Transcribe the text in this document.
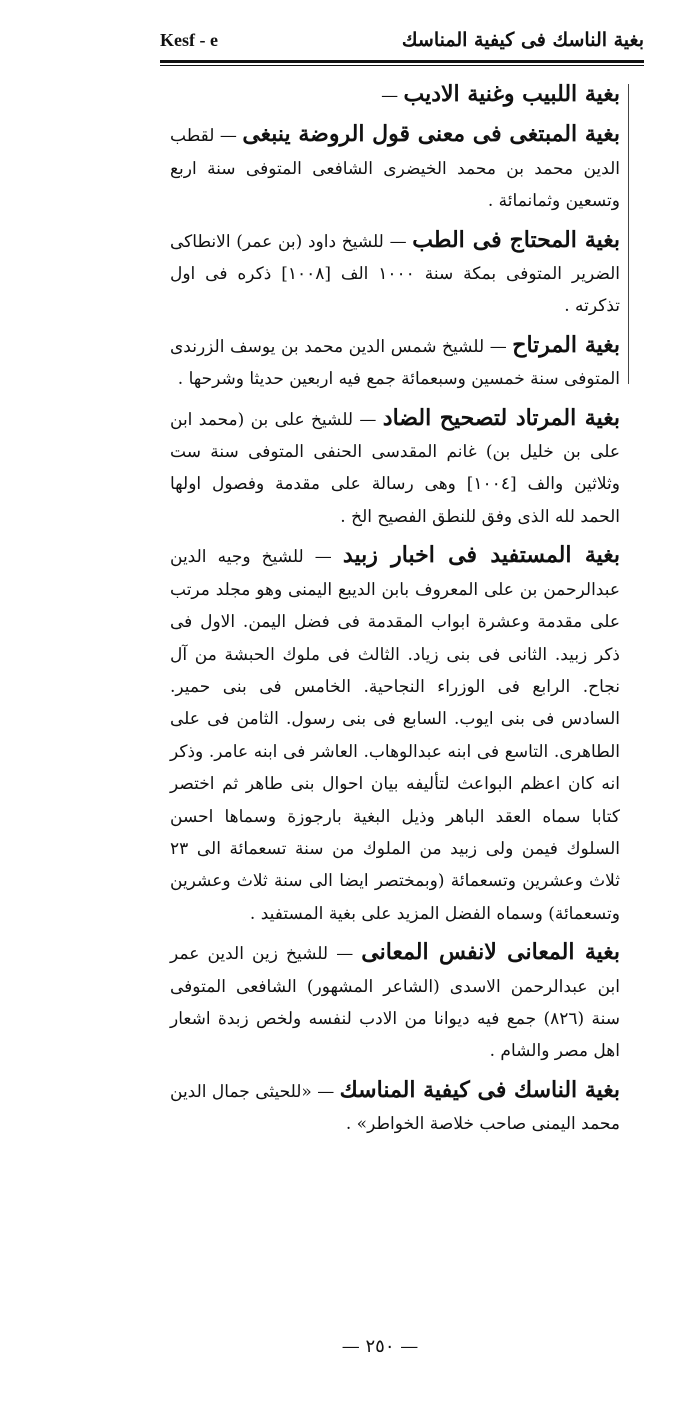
Kesf - e	بغية الناسك فى كيفية المناسك

بغية اللبيب وغنية الاديب —

بغية المبتغى فى معنى قول الروضة ينبغى — لقطب الدين محمد بن محمد الخيضرى الشافعى المتوفى سنة اربع وتسعين وثمانمائة .

بغية المحتاج فى الطب — للشيخ داود (بن عمر) الانطاكى الضرير المتوفى بمكة سنة ١٠٠٠ الف [١٠٠٨] ذكره فى اول تذكرته .

بغية المرتاح — للشيخ شمس الدين محمد بن يوسف الزرندى المتوفى سنة خمسين وسبعمائة جمع فيه اربعين حديثا وشرحها .

بغية المرتاد لتصحيح الضاد — للشيخ على بن (محمد ابن على بن خليل بن) غانم المقدسى الحنفى المتوفى سنة ست وثلاثين والف [١٠٠٤] وهى رسالة على مقدمة وفصول اولها الحمد لله الذى وفق للنطق الفصيح الخ .

بغية المستفيد فى اخبار زبيد — للشيخ وجيه الدين عبدالرحمن بن على المعروف بابن الديبع اليمنى وهو مجلد مرتب على مقدمة وعشرة ابواب المقدمة فى فضل اليمن. الاول فى ذكر زبيد. الثانى فى بنى زياد. الثالث فى ملوك الحبشة من آل نجاح. الرابع فى الوزراء النجاحية. الخامس فى بنى حمير. السادس فى بنى ايوب. السابع فى بنى رسول. الثامن فى على الطاهرى. التاسع فى ابنه عبدالوهاب. العاشر فى ابنه عامر. وذكر انه كان اعظم البواعث لتأليفه بيان احوال بنى طاهر ثم اختصر كتابا سماه العقد الباهر وذيل البغية بارجوزة وسماها احسن السلوك فيمن ولى زبيد من الملوك من سنة تسعمائة الى ٢٣ ثلاث وعشرين وتسعمائة (وبمختصر ايضا الى سنة ثلاث وعشرين وتسعمائة) وسماه الفضل المزيد على بغية المستفيد .

بغية المعانى لانفس المعانى — للشيخ زين الدين عمر ابن عبدالرحمن الاسدى (الشاعر المشهور) الشافعى المتوفى سنة (٨٢٦) جمع فيه ديوانا من الادب لنفسه ولخص زبدة اشعار اهل مصر والشام .

بغية الناسك فى كيفية المناسك — «للحيثى جمال الدين محمد اليمنى صاحب خلاصة الخواطر» .

— ٢٥٠ —
